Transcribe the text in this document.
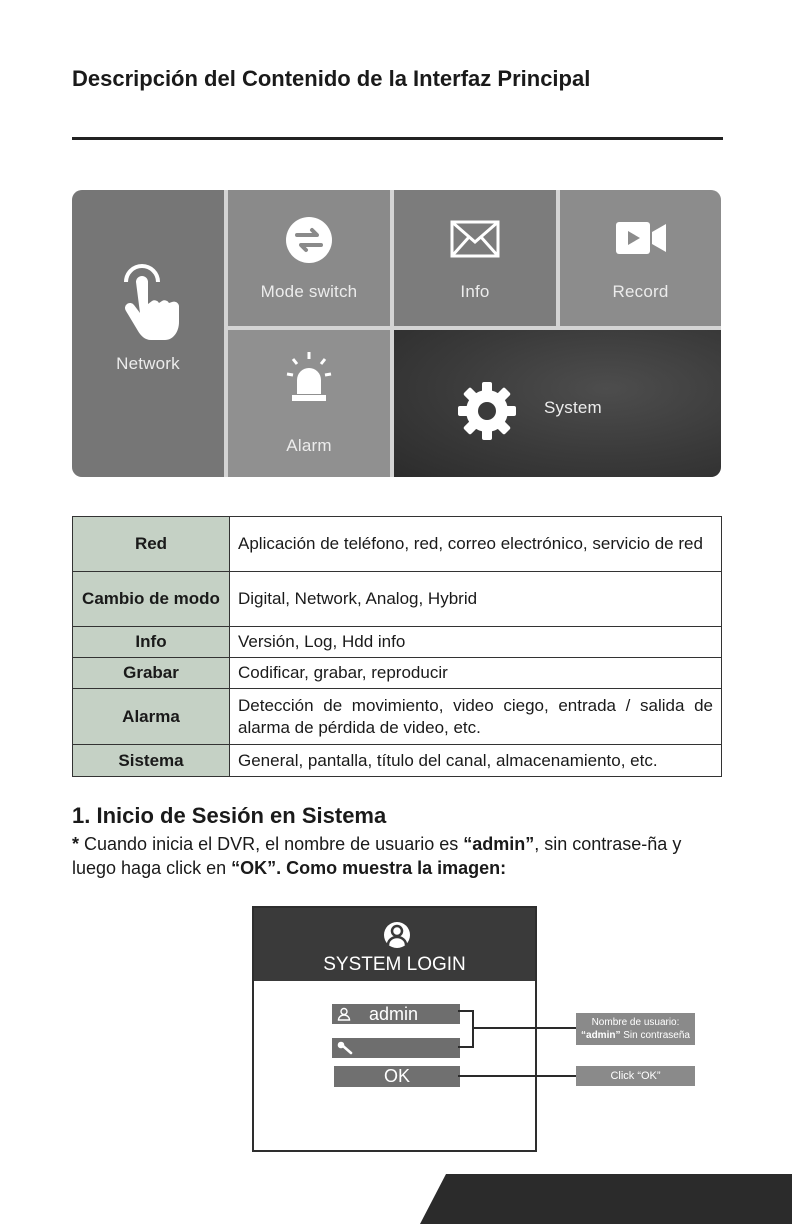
Descripción del Contenido de la Interfaz Principal
Network
Mode switch	Info	Record
Alarm
System
Red	Aplicación de teléfono, red, correo electrónico, servicio de red
Cambio de modo	Digital, Network, Analog, Hybrid
Info	Versión, Log, Hdd info
Grabar	Codificar, grabar, reproducir
Alarma	Detección de movimiento, video ciego, entrada / salida de alarma de pérdida de video, etc.
Sistema	General, pantalla, título del canal, almacenamiento, etc.
1. Inicio de Sesión en Sistema

* Cuando inicia el DVR, el nombre de usuario es “admin”, sin contrase-ña y luego haga click en “OK”. Como muestra la imagen:

SYSTEM LOGIN
admin
OK
Nombre de usuario:
“admin” Sin contraseña
Click “OK”
